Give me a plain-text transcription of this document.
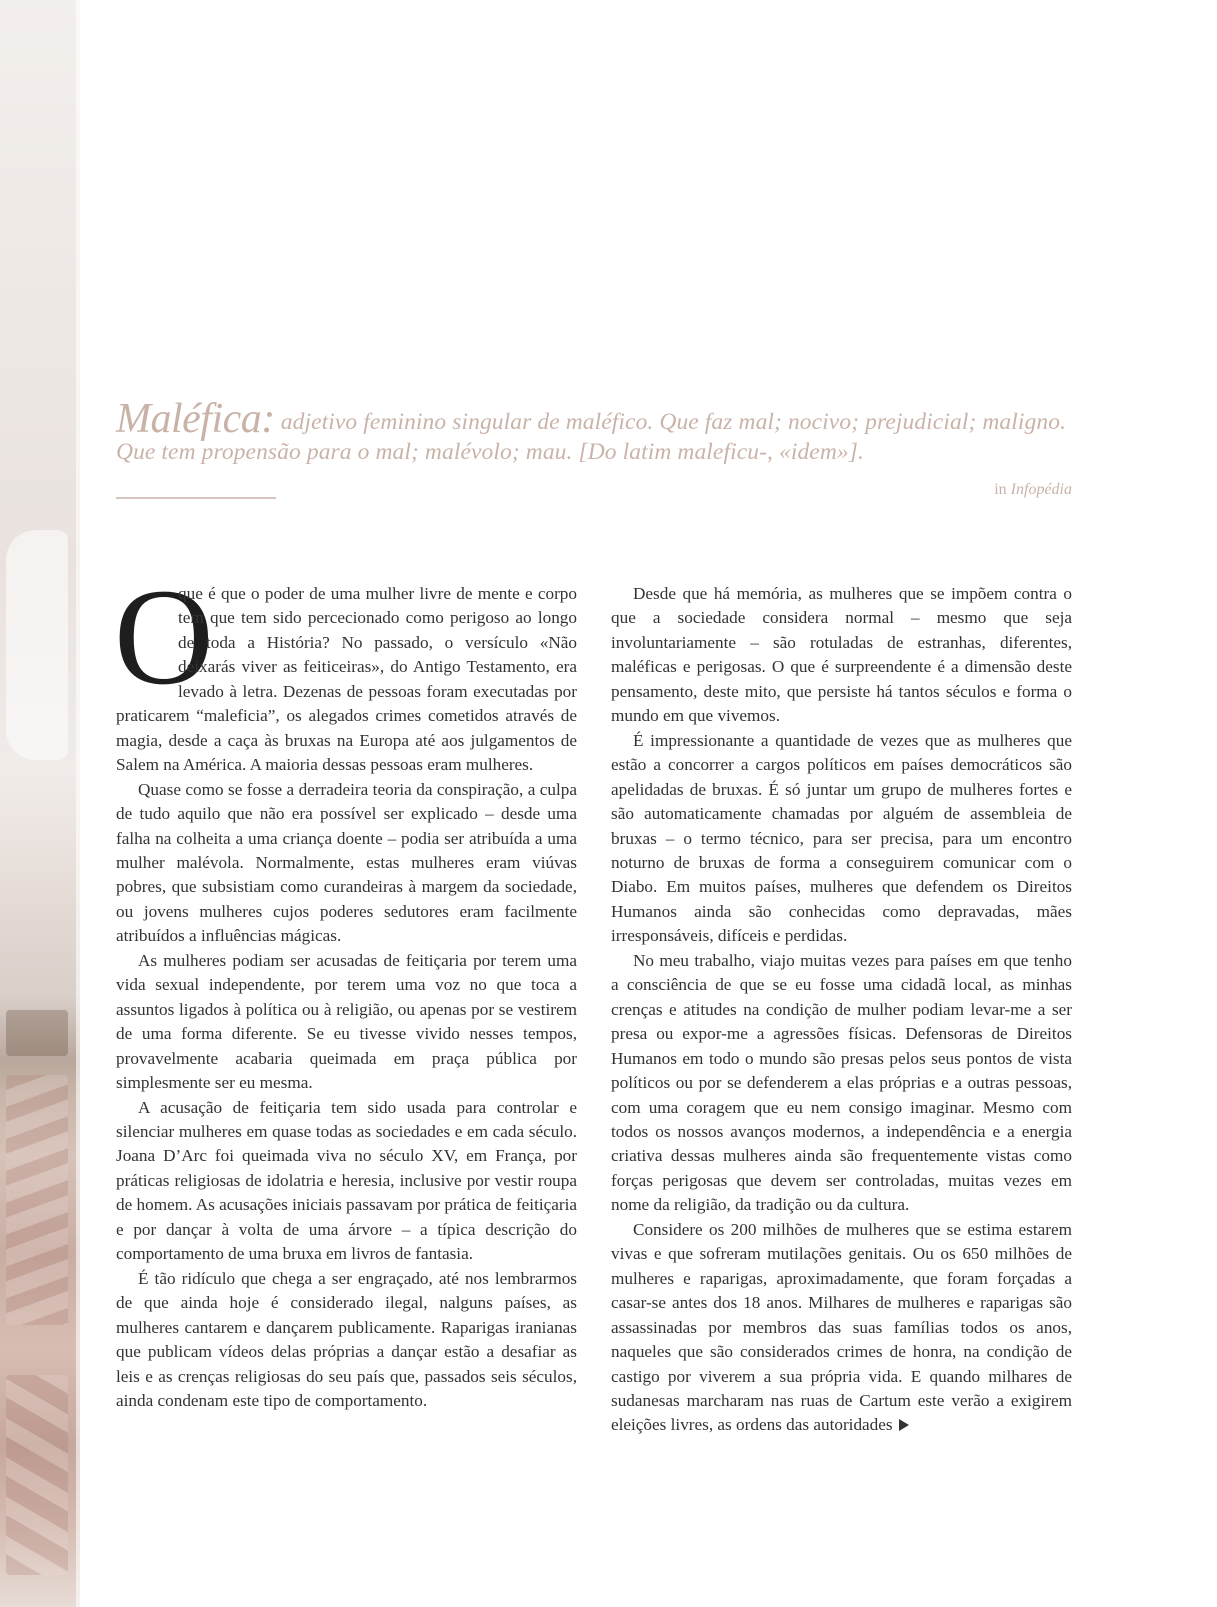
Maléfica: adjetivo feminino singular de maléfico. Que faz mal; nocivo; prejudicial; maligno. Que tem propensão para o mal; malévolo; mau. [Do latim maleficu-, «idem»].
in Infopédia

O
que é que o poder de uma mulher livre de mente e corpo tem que tem sido percecionado como perigoso ao longo de toda a História? No passado, o versículo «Não deixarás viver as feiticeiras», do Antigo Testamento, era levado à letra. Dezenas de pessoas foram executadas por praticarem “maleficia”, os alegados crimes cometidos através de magia, desde a caça às bruxas na Europa até aos julgamentos de Salem na América. A maioria dessas pessoas eram mulheres.

Quase como se fosse a derradeira teoria da conspiração, a culpa de tudo aquilo que não era possível ser explicado – desde uma falha na colheita a uma criança doente – podia ser atribuída a uma mulher malévola. Normalmente, estas mulheres eram viúvas pobres, que subsistiam como curandeiras à margem da sociedade, ou jovens mulheres cujos poderes sedutores eram facilmente atribuídos a influências mágicas.

As mulheres podiam ser acusadas de feitiçaria por terem uma vida sexual independente, por terem uma voz no que toca a assuntos ligados à política ou à religião, ou apenas por se vestirem de uma forma diferente. Se eu tivesse vivido nesses tempos, provavelmente acabaria queimada em praça pública por simplesmente ser eu mesma.

A acusação de feitiçaria tem sido usada para controlar e silenciar mulheres em quase todas as sociedades e em cada século. Joana D’Arc foi queimada viva no século XV, em França, por práticas religiosas de idolatria e heresia, inclusive por vestir roupa de homem. As acusações iniciais passavam por prática de feitiçaria e por dançar à volta de uma árvore – a típica descrição do comportamento de uma bruxa em livros de fantasia.

É tão ridículo que chega a ser engraçado, até nos lembrarmos de que ainda hoje é considerado ilegal, nalguns países, as mulheres cantarem e dançarem publicamente. Raparigas iranianas que publicam vídeos delas próprias a dançar estão a desafiar as leis e as crenças religiosas do seu país que, passados seis séculos, ainda condenam este tipo de comportamento.

Desde que há memória, as mulheres que se impõem contra o que a sociedade considera normal – mesmo que seja involuntariamente – são rotuladas de estranhas, diferentes, maléficas e perigosas. O que é surpreendente é a dimensão deste pensamento, deste mito, que persiste há tantos séculos e forma o mundo em que vivemos.

É impressionante a quantidade de vezes que as mulheres que estão a concorrer a cargos políticos em países democráticos são apelidadas de bruxas. É só juntar um grupo de mulheres fortes e são automaticamente chamadas por alguém de assembleia de bruxas – o termo técnico, para ser precisa, para um encontro noturno de bruxas de forma a conseguirem comunicar com o Diabo. Em muitos países, mulheres que defendem os Direitos Humanos ainda são conhecidas como depravadas, mães irresponsáveis, difíceis e perdidas.

No meu trabalho, viajo muitas vezes para países em que tenho a consciência de que se eu fosse uma cidadã local, as minhas crenças e atitudes na condição de mulher podiam levar-me a ser presa ou expor-me a agressões físicas. Defensoras de Direitos Humanos em todo o mundo são presas pelos seus pontos de vista políticos ou por se defenderem a elas próprias e a outras pessoas, com uma coragem que eu nem consigo imaginar. Mesmo com todos os nossos avanços modernos, a independência e a energia criativa dessas mulheres ainda são frequentemente vistas como forças perigosas que devem ser controladas, muitas vezes em nome da religião, da tradição ou da cultura.

Considere os 200 milhões de mulheres que se estima estarem vivas e que sofreram mutilações genitais. Ou os 650 milhões de mulheres e raparigas, aproximadamente, que foram forçadas a casar-se antes dos 18 anos. Milhares de mulheres e raparigas são assassinadas por membros das suas famílias todos os anos, naqueles que são considerados crimes de honra, na condição de castigo por viverem a sua própria vida. E quando milhares de sudanesas marcharam nas ruas de Cartum este verão a exigirem eleições livres, as ordens das autoridades
